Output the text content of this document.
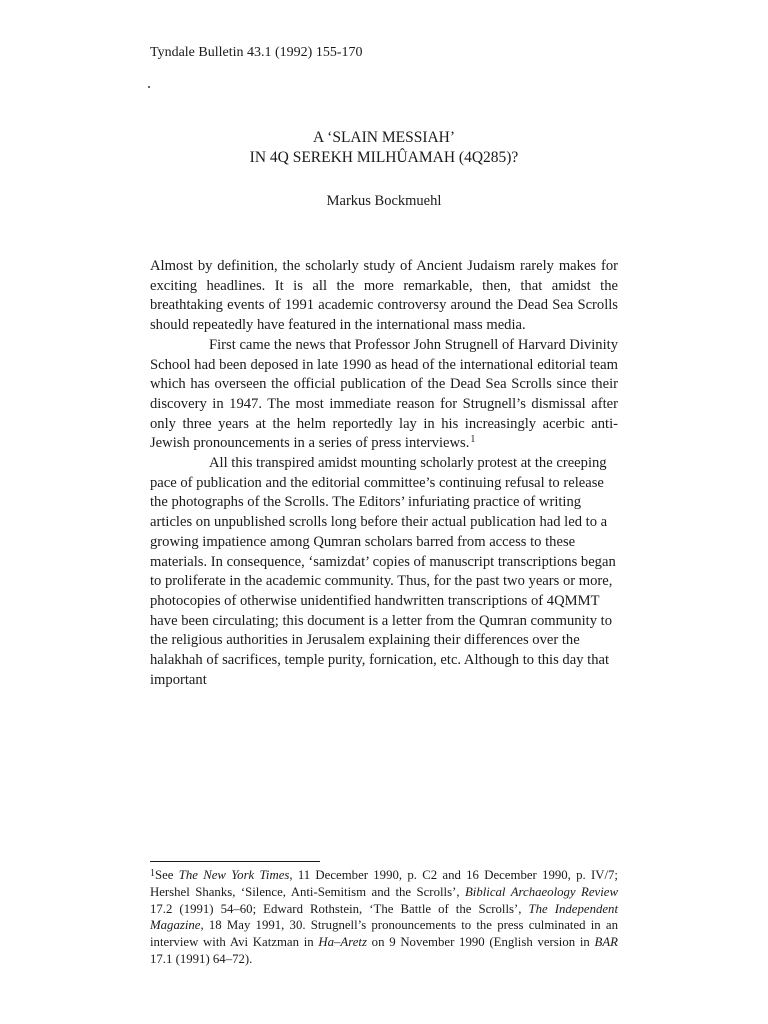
Tyndale Bulletin 43.1 (1992) 155-170
A ‘SLAIN MESSIAH’
IN 4Q SEREKH MILHÛAMAH (4Q285)?
Markus Bockmuehl

Almost by definition, the scholarly study of Ancient Judaism rarely makes for exciting headlines. It is all the more remarkable, then, that amidst the breathtaking events of 1991 academic controversy around the Dead Sea Scrolls should repeatedly have featured in the international mass media.

First came the news that Professor John Strugnell of Harvard Divinity School had been deposed in late 1990 as head of the international editorial team which has overseen the official publication of the Dead Sea Scrolls since their discovery in 1947. The most immediate reason for Strugnell’s dismissal after only three years at the helm reportedly lay in his increasingly acerbic anti-Jewish pronouncements in a series of press interviews.$^1$

All this transpired amidst mounting scholarly protest at the creeping pace of publication and the editorial committee’s continuing refusal to release the photographs of the Scrolls. The Editors’ infuriating practice of writing articles on unpublished scrolls long before their actual publication had led to a growing impatience among Qumran scholars barred from access to these materials. In consequence, ‘samizdat’ copies of manuscript transcriptions began to proliferate in the academic community. Thus, for the past two years or more, photocopies of otherwise unidentified handwritten transcriptions of 4QMMT have been circulating; this document is a letter from the Qumran community to the religious authorities in Jerusalem explaining their differences over the halakhah of sacrifices, temple purity, fornication, etc. Although to this day that important

$^1$See The New York Times, 11 December 1990, p. C2 and 16 December 1990, p. IV/7; Hershel Shanks, ‘Silence, Anti-Semitism and the Scrolls’, Biblical Archaeology Review 17.2 (1991) 54–60; Edward Rothstein, ‘The Battle of the Scrolls’, The Independent Magazine, 18 May 1991, 30. Strugnell’s pronouncements to the press culminated in an interview with Avi Katzman in Ha–Aretz on 9 November 1990 (English version in BAR 17.1 (1991) 64–72).
